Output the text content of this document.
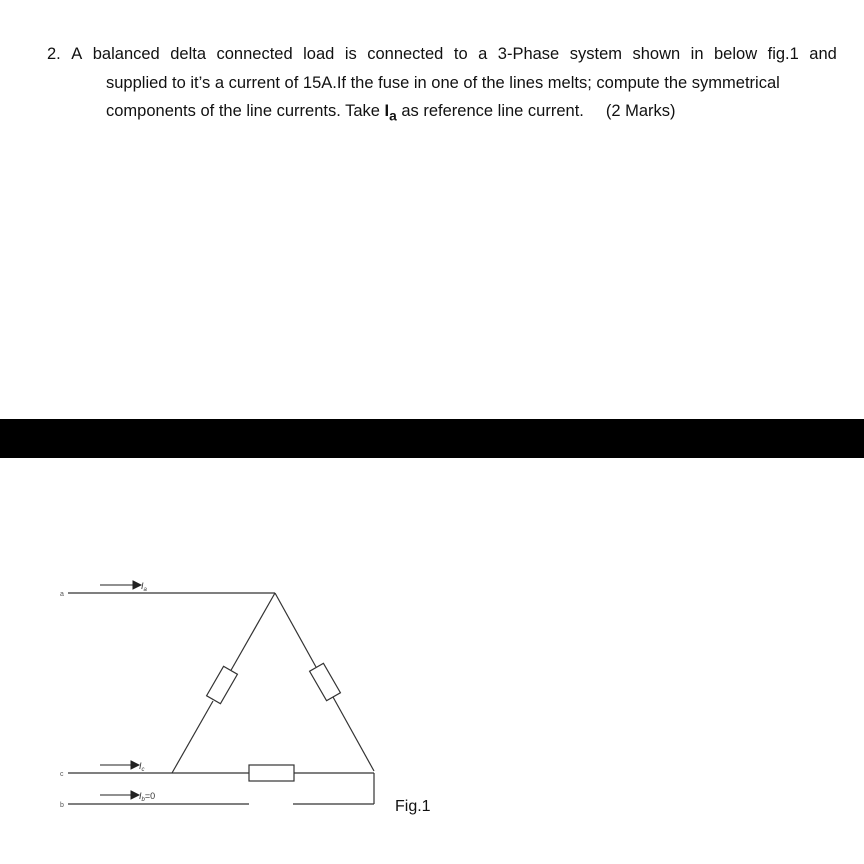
2. A balanced delta connected load is connected to a 3-Phase system shown in below fig.1 and
supplied to it’s a current of 15A.If the fuse in one of the lines melts; compute the symmetrical
components of the line currents. Take $I_a$ as reference line current. (2 Marks)
a
c
b
$I_a$
$I_c$
$I_b=0$
Fig.1
